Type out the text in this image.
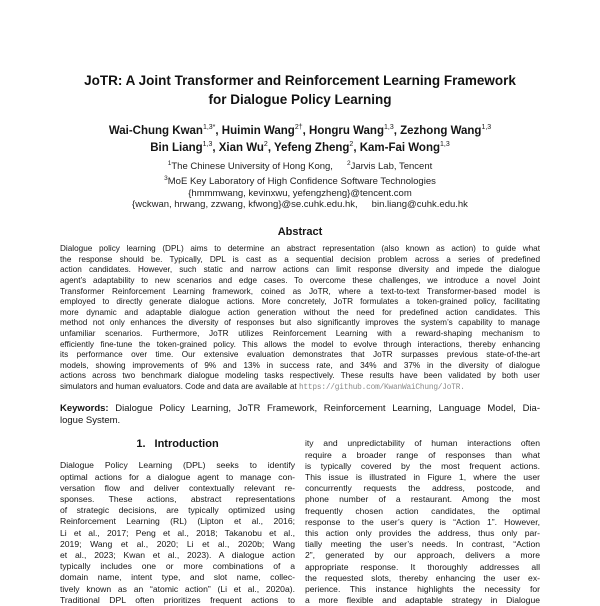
JoTR: A Joint Transformer and Reinforcement Learning Framework
for Dialogue Policy Learning
Wai-Chung Kwan$^{1,3*}$, Huimin Wang$^{2\dagger}$, Hongru Wang$^{1,3}$, Zezhong Wang$^{1,3}$
Bin Liang$^{1,3}$, Xian Wu$^2$, Yefeng Zheng$^2$, Kam-Fai Wong$^{1,3}$
$^1$The Chinese University of Hong Kong, $^2$Jarvis Lab, Tencent
$^3$MoE Key Laboratory of High Confidence Software Technologies
{hmmmwang, kevinxwu, yefengzheng}@tencent.com
{wckwan, hrwang, zzwang, kfwong}@se.cuhk.edu.hk, bin.liang@cuhk.edu.hk
Abstract
Dialogue policy learning (DPL) aims to determine an abstract representation (also known as action) to guide what
the response should be. Typically, DPL is cast as a sequential decision problem across a series of predefined
action candidates. However, such static and narrow actions can limit response diversity and impede the dialogue
agent’s adaptability to new scenarios and edge cases. To overcome these challenges, we introduce a novel Joint
Transformer Reinforcement Learning framework, coined as JoTR, where a text-to-text Transformer-based model is
employed to directly generate dialogue actions. More concretely, JoTR formulates a token-grained policy, facilitating
more dynamic and adaptable dialogue action generation without the need for predefined action candidates. This
method not only enhances the diversity of responses but also significantly improves the system’s capability to manage
unfamiliar scenarios. Furthermore, JoTR utilizes Reinforcement Learning with a reward-shaping mechanism to
efficiently fine-tune the token-grained policy. This allows the model to evolve through interactions, thereby enhancing
its performance over time. Our extensive evaluation demonstrates that JoTR surpasses previous state-of-the-art
models, showing improvements of 9% and 13% in success rate, and 34% and 37% in the diversity of dialogue
actions across two benchmark dialogue modeling tasks respectively. These results have been validated by both user
simulators and human evaluators. Code and data are available at https://github.com/KwanWaiChung/JoTR.
Keywords: Dialogue Policy Learning, JoTR Framework, Reinforcement Learning, Language Model, Dia-
logue System.
1. Introduction
Dialogue Policy Learning (DPL) seeks to identify
optimal actions for a dialogue agent to manage con-
versation flow and deliver contextually relevant re-
sponses. These actions, abstract representations
of strategic decisions, are typically optimized using
Reinforcement Learning (RL) (Lipton et al., 2016;
Li et al., 2017; Peng et al., 2018; Takanobu et al.,
2019; Wang et al., 2020; Li et al., 2020b; Wang
et al., 2023; Kwan et al., 2023). A dialogue action
typically includes one or more combinations of a
domain name, intent type, and slot name, collec-
tively known as an “atomic action” (Li et al., 2020a).
Traditional DPL often prioritizes frequent actions to
ity and unpredictability of human interactions often
require a broader range of responses than what
is typically covered by the most frequent actions.
This issue is illustrated in Figure 1, where the user
concurrently requests the address, postcode, and
phone number of a restaurant. Among the most
frequently chosen action candidates, the optimal
response to the user’s query is “Action 1”. However,
this action only provides the address, thus only par-
tially meeting the user’s needs. In contrast, “Action
2”, generated by our approach, delivers a more
appropriate response. It thoroughly addresses all
the requested slots, thereby enhancing the user ex-
perience. This instance highlights the necessity for
a more flexible and adaptable strategy in Dialogue
